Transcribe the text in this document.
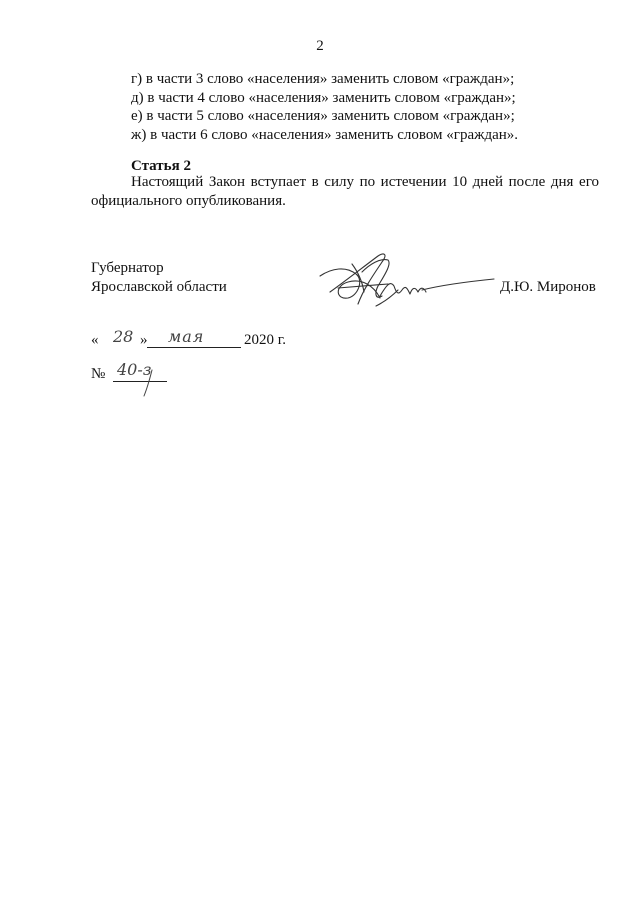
2
г) в части 3 слово «населения» заменить словом «граждан»;
д) в части 4 слово «населения» заменить словом «граждан»;
е) в части 5 слово «населения» заменить словом «граждан»;
ж) в части 6 слово «населения» заменить словом «граждан».
Статья 2
Настоящий Закон вступает в силу по истечении 10 дней после дня его официального опубликования.
Губернатор
Ярославской области	Д.Ю. Миронов
« 28 » мая	2020 г.
№ 40-з
